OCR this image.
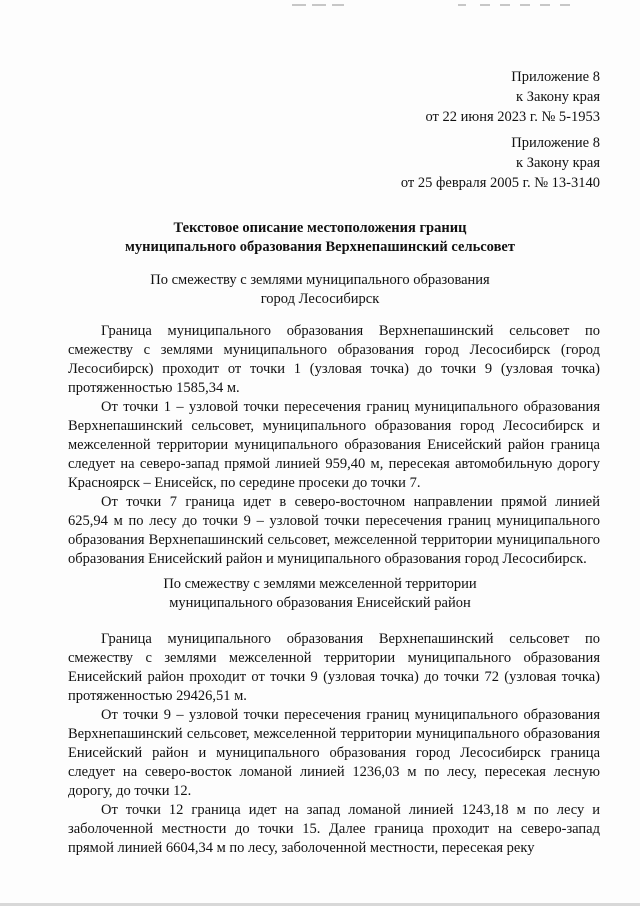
Приложение 8
к Закону края
от 22 июня 2023 г. № 5-1953
Приложение 8
к Закону края
от 25 февраля 2005 г. № 13-3140
Текстовое описание местоположения границ
муниципального образования Верхнепашинский сельсовет
По смежеству с землями муниципального образования
город Лесосибирск

Граница муниципального образования Верхнепашинский сельсовет по смежеству с землями муниципального образования город Лесосибирск (город Лесосибирск) проходит от точки 1 (узловая точка) до точки 9 (узловая точка) протяженностью 1585,34 м.

От точки 1 – узловой точки пересечения границ муниципального образования Верхнепашинский сельсовет, муниципального образования город Лесосибирск и межселенной территории муниципального образования Енисейский район граница следует на северо-запад прямой линией 959,40 м, пересекая автомобильную дорогу Красноярск – Енисейск, по середине просеки до точки 7.

От точки 7 граница идет в северо-восточном направлении прямой линией 625,94 м по лесу до точки 9 – узловой точки пересечения границ муниципального образования Верхнепашинский сельсовет, межселенной территории муниципального образования Енисейский район и муниципального образования город Лесосибирск.

По смежеству с землями межселенной территории
муниципального образования Енисейский район

Граница муниципального образования Верхнепашинский сельсовет по смежеству с землями межселенной территории муниципального образования Енисейский район проходит от точки 9 (узловая точка) до точки 72 (узловая точка) протяженностью 29426,51 м.

От точки 9 – узловой точки пересечения границ муниципального образования Верхнепашинский сельсовет, межселенной территории муниципального образования Енисейский район и муниципального образования город Лесосибирск граница следует на северо-восток ломаной линией 1236,03 м по лесу, пересекая лесную дорогу, до точки 12.

От точки 12 граница идет на запад ломаной линией 1243,18 м по лесу и заболоченной местности до точки 15. Далее граница проходит на северо-запад прямой линией 6604,34 м по лесу, заболоченной местности, пересекая реку
